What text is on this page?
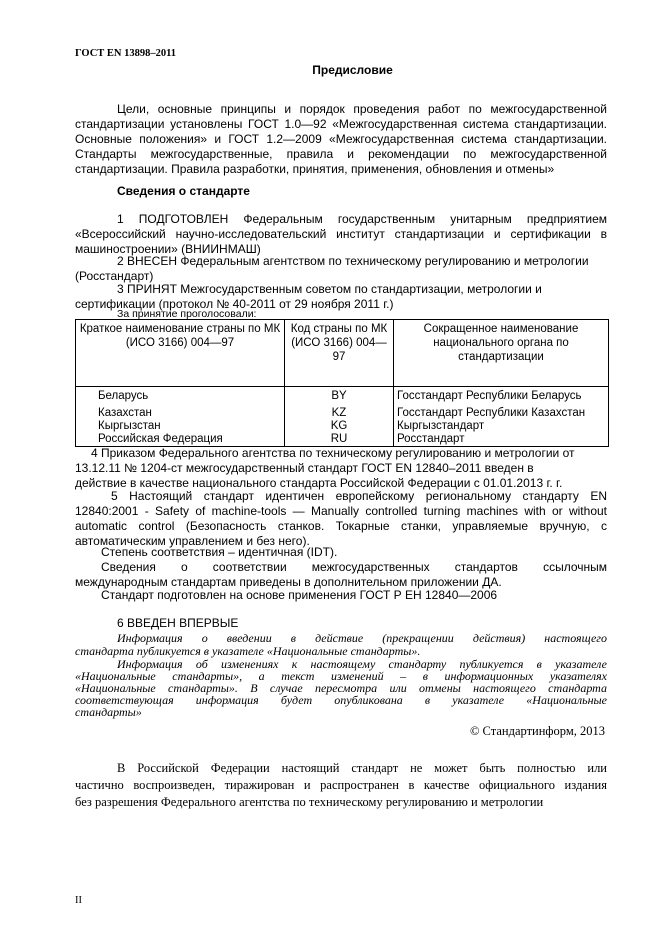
ГОСТ EN 13898–2011
Предисловие
Цели, основные принципы и порядок проведения работ по межгосударственной
стандартизации установлены ГОСТ 1.0—92 «Межгосударственная система стандартизации.
Основные положения» и ГОСТ 1.2—2009 «Межгосударственная система стандартизации.
Стандарты межгосударственные, правила и рекомендации по межгосударственной
стандартизации. Правила разработки, принятия, применения, обновления и отмены»
Сведения о стандарте
1 ПОДГОТОВЛЕН Федеральным государственным унитарным предприятием
«Всероссийский научно-исследовательский институт стандартизации и сертификации в
машиностроении» (ВНИИНМАШ)
2 ВНЕСЕН Федеральным агентством по техническому регулированию и метрологии
(Росстандарт)
3 ПРИНЯТ Межгосударственным советом по стандартизации, метрологии и
сертификации (протокол № 40-2011 от 29 ноября 2011 г.)
За принятие проголосовали:
Краткое наименование страны по МК (ИСО 3166) 004—97	Код страны по МК (ИСО 3166) 004—97	Сокращенное наименование национального органа по стандартизации
Беларусь	BY	Госстандарт Республики Беларусь
Казахстан	KZ	Госстандарт Республики Казахстан
Кыргызстан	KG	Кыргызстандарт
Российская Федерация	RU	Росстандарт
4 Приказом Федерального агентства по техническому регулированию и метрологии от
13.12.11 № 1204-ст межгосударственный стандарт ГОСТ EN 12840–2011 введен в
действие в качестве национального стандарта Российской Федерации с 01.01.2013 г. г.
5 Настоящий стандарт идентичен европейскому региональному стандарту EN
12840:2001 - Safety of machine-tools — Manually controlled turning machines with or without
automatic control (Безопасность станков. Токарные станки, управляемые вручную, с
автоматическим управлением и без него).
Степень соответствия – идентичная (IDT).
Сведения о соответствии межгосударственных стандартов ссылочным
международным стандартам приведены в дополнительном приложении ДА.
Стандарт подготовлен на основе применения ГОСТ Р ЕН 12840—2006
6 ВВЕДЕН ВПЕРВЫЕ
Информация о введении в действие (прекращении действия) настоящего
стандарта публикуется в указателе «Национальные стандарты».
Информация об изменениях к настоящему стандарту публикуется в указателе
«Национальные стандарты», а текст изменений – в информационных указателях
«Национальные стандарты». В случае пересмотра или отмены настоящего стандарта
соответствующая информация будет опубликована в указателе «Национальные
стандарты»
© Стандартинформ, 2013
В Российской Федерации настоящий стандарт не может быть полностью или
частично воспроизведен, тиражирован и распространен в качестве официального издания
без разрешения Федерального агентства по техническому регулированию и метрологии
II
